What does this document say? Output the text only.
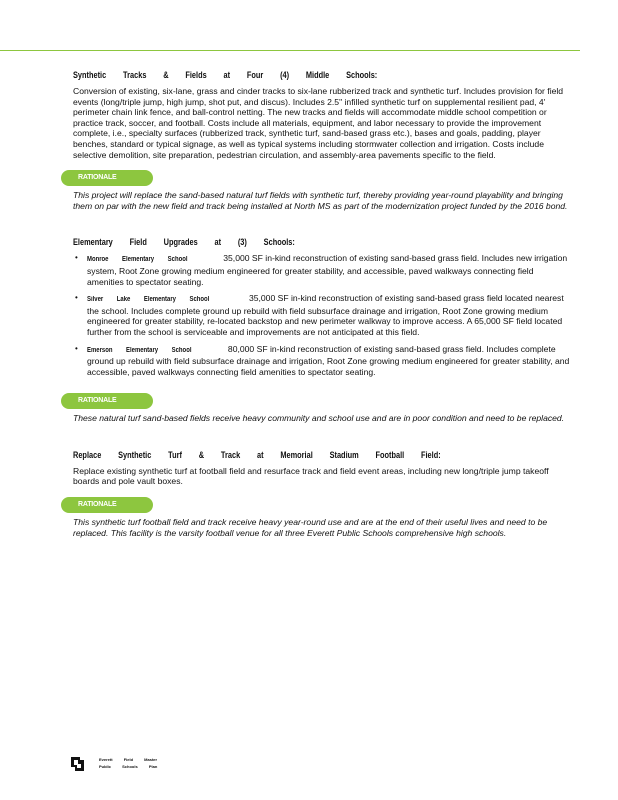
Synthetic Tracks & Fields at Four (4) Middle Schools:

Conversion of existing, six-lane, grass and cinder tracks to six-lane rubberized track and synthetic turf. Includes provision for field events (long/triple jump, high jump, shot put, and discus). Includes 2.5" infilled synthetic turf on supplemental resilient pad, 4' perimeter chain link fence, and ball-control netting. The new tracks and fields will accommodate middle school competition or practice track, soccer, and football. Costs include all materials, equipment, and labor necessary to provide the improvement complete, i.e., specialty surfaces (rubberized track, synthetic turf, sand-based grass etc.), bases and goals, padding, player benches, standard or typical signage, as well as typical systems including stormwater collection and irrigation. Costs include selective demolition, site preparation, pedestrian circulation, and assembly-area pavements specific to the field.

RATIONALE

This project will replace the sand-based natural turf fields with synthetic turf, thereby providing year-round playability and bringing them on par with the new field and track being installed at North MS as part of the modernization project funded by the 2016 bond.

Elementary Field Upgrades at (3) Schools:
• Monroe Elementary School	35,000 SF in-kind reconstruction of existing sand-based grass field. Includes new irrigation system, Root Zone growing medium engineered for greater stability, and accessible, paved walkways connecting field amenities to spectator seating.
• Silver Lake Elementary School	35,000 SF in-kind reconstruction of existing sand-based grass field located nearest the school. Includes complete ground up rebuild with field subsurface drainage and irrigation, Root Zone growing medium engineered for greater stability, re-located backstop and new perimeter walkway to improve access. A 65,000 SF field located further from the school is serviceable and improvements are not anticipated at this field.
• Emerson Elementary School	80,000 SF in-kind reconstruction of existing sand-based grass field. Includes complete ground up rebuild with field subsurface drainage and irrigation, Root Zone growing medium engineered for greater stability, and accessible, paved walkways connecting field amenities to spectator seating.
RATIONALE

These natural turf sand-based fields receive heavy community and school use and are in poor condition and need to be replaced.

Replace Synthetic Turf & Track at Memorial Stadium Football Field:

Replace existing synthetic turf at football field and resurface track and field event areas, including new long/triple jump takeoff boards and pole vault boxes.

RATIONALE

This synthetic turf football field and track receive heavy year-round use and are at the end of their useful lives and need to be replaced. This facility is the varsity football venue for all three Everett Public Schools comprehensive high schools.

Everett	Field	Master
Public	Schools	Plan
